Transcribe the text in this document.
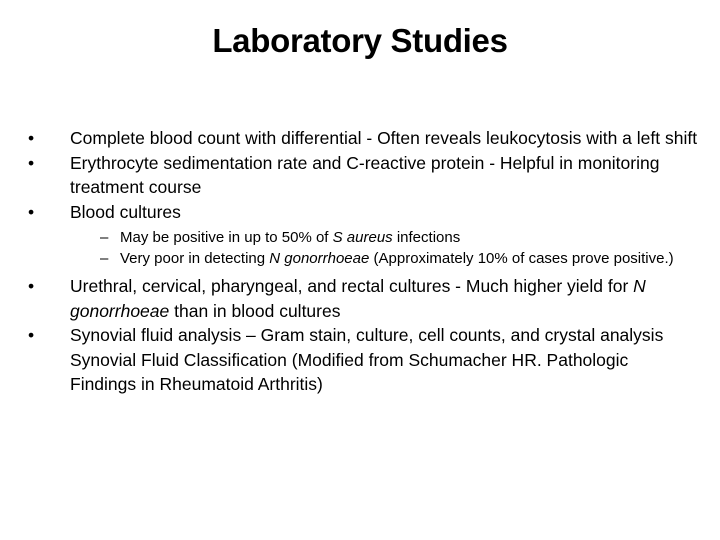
Laboratory Studies
•	Complete blood count with differential - Often reveals leukocytosis with a left shift
•	Erythrocyte sedimentation rate and C-reactive protein - Helpful in monitoring treatment course
•	Blood cultures
– May be positive in up to 50% of S aureus infections
– Very poor in detecting N gonorrhoeae (Approximately 10% of cases prove positive.)
•	Urethral, cervical, pharyngeal, and rectal cultures - Much higher yield for N gonorrhoeae than in blood cultures
•	Synovial fluid analysis – Gram stain, culture, cell counts, and crystal analysis Synovial Fluid Classification (Modified from Schumacher HR. Pathologic Findings in Rheumatoid Arthritis)
